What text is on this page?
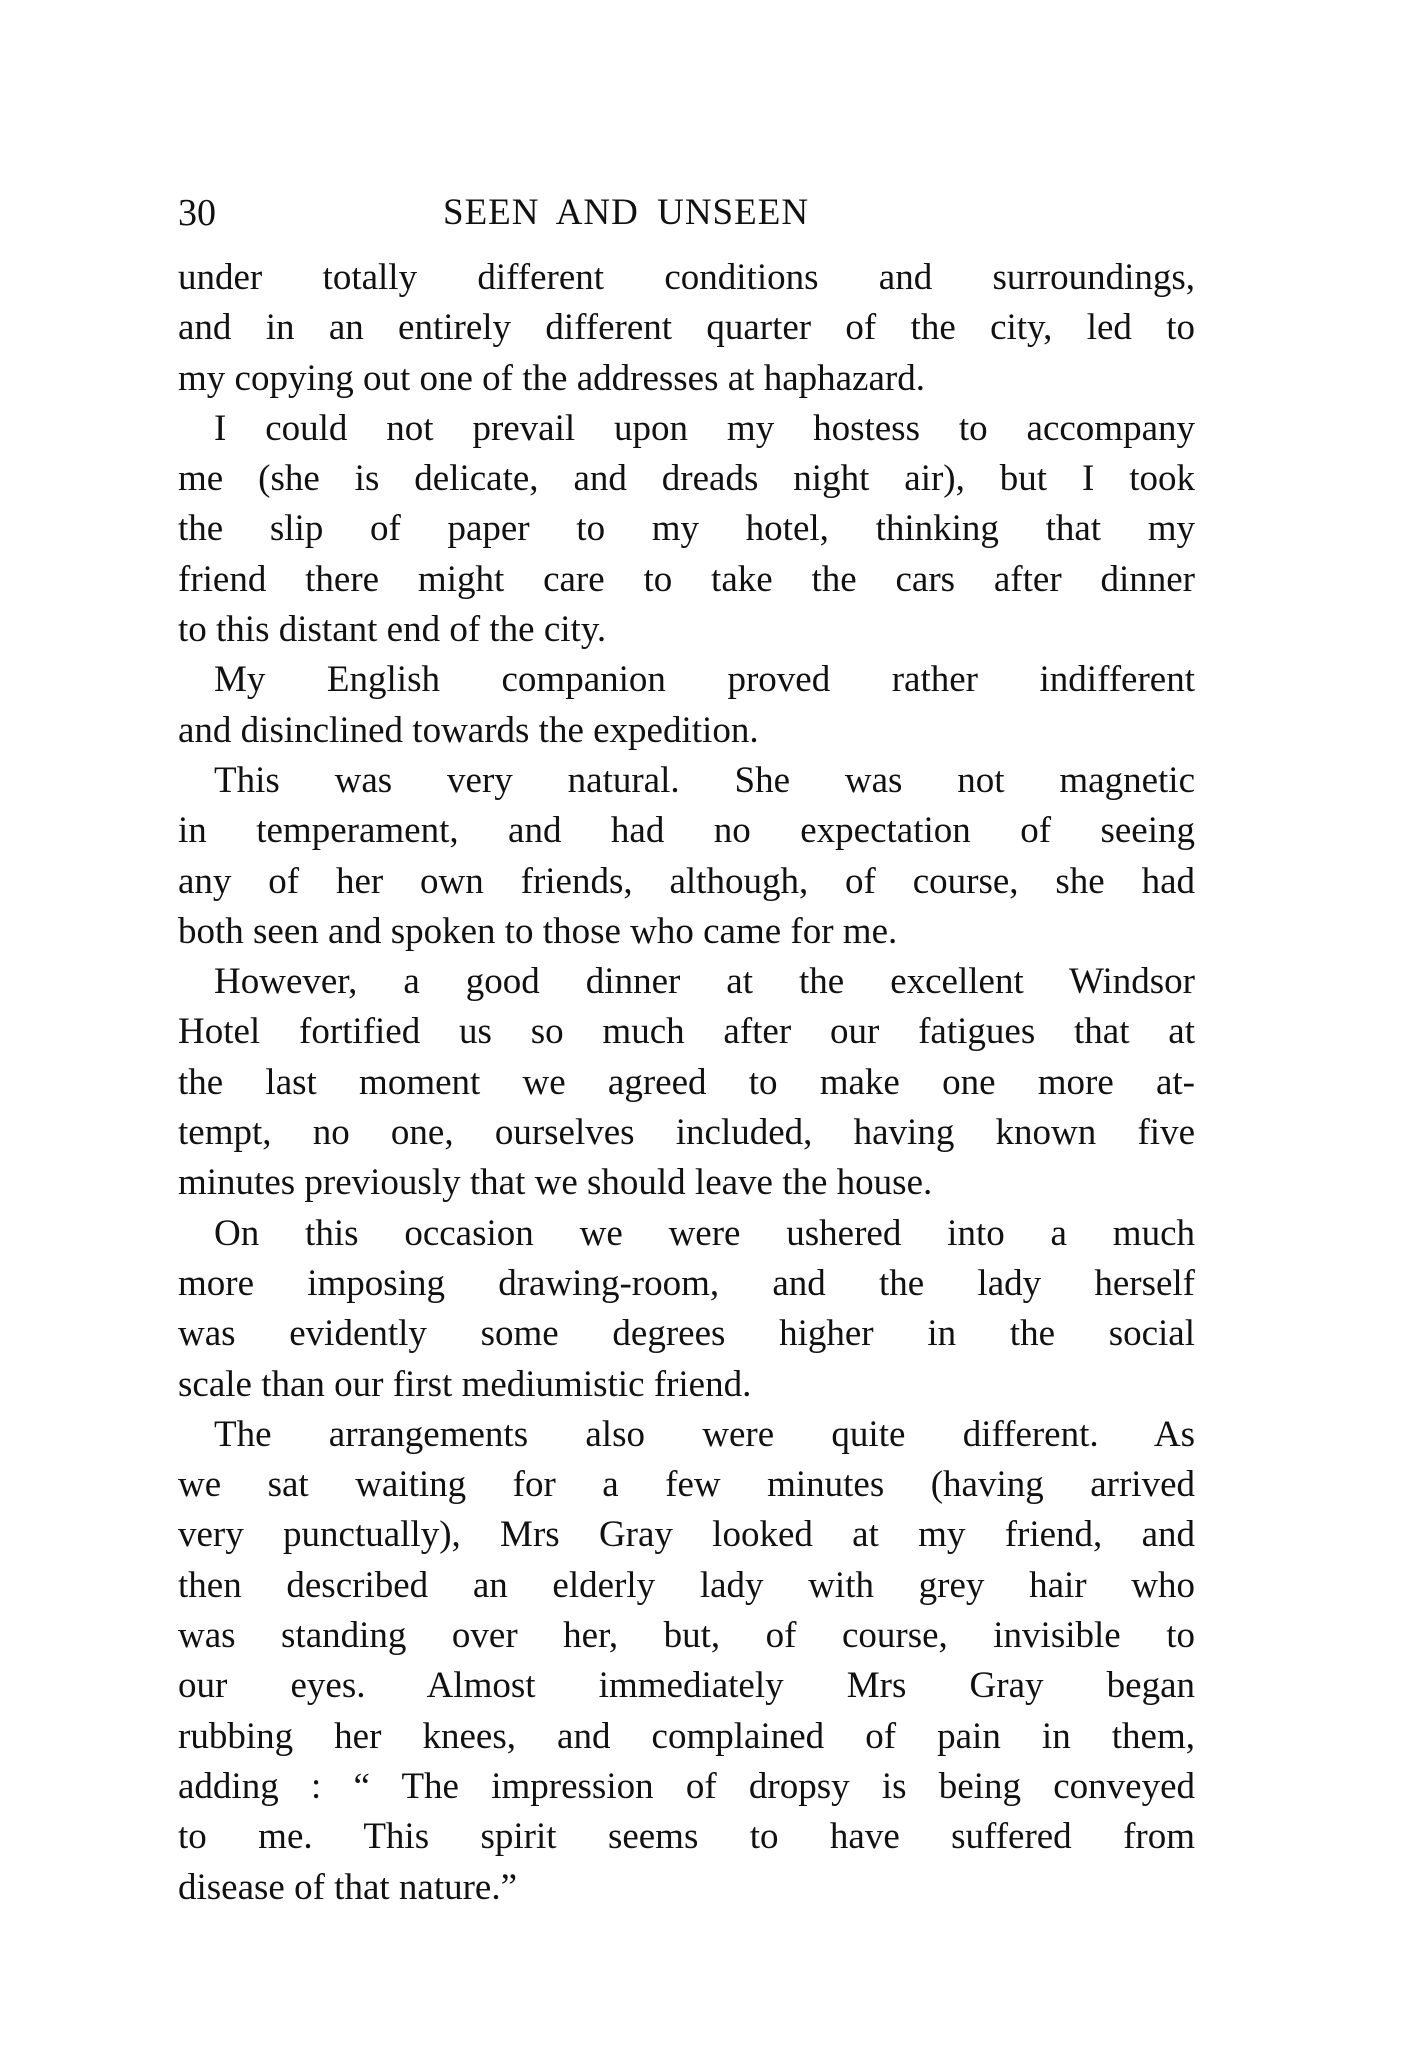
30	SEEN AND UNSEEN
under totally different conditions and surroundings,
and in an entirely different quarter of the city, led to
my copying out one of the addresses at haphazard.
I could not prevail upon my hostess to accompany
me (she is delicate, and dreads night air), but I took
the slip of paper to my hotel, thinking that my
friend there might care to take the cars after dinner
to this distant end of the city.
My English companion proved rather indifferent
and disinclined towards the expedition.
This was very natural. She was not magnetic
in temperament, and had no expectation of seeing
any of her own friends, although, of course, she had
both seen and spoken to those who came for me.
However, a good dinner at the excellent Windsor
Hotel fortified us so much after our fatigues that at
the last moment we agreed to make one more at-
tempt, no one, ourselves included, having known five
minutes previously that we should leave the house.
On this occasion we were ushered into a much
more imposing drawing-room, and the lady herself
was evidently some degrees higher in the social
scale than our first mediumistic friend.
The arrangements also were quite different. As
we sat waiting for a few minutes (having arrived
very punctually), Mrs Gray looked at my friend, and
then described an elderly lady with grey hair who
was standing over her, but, of course, invisible to
our eyes. Almost immediately Mrs Gray began
rubbing her knees, and complained of pain in them,
adding : “ The impression of dropsy is being conveyed
to me. This spirit seems to have suffered from
disease of that nature.”
